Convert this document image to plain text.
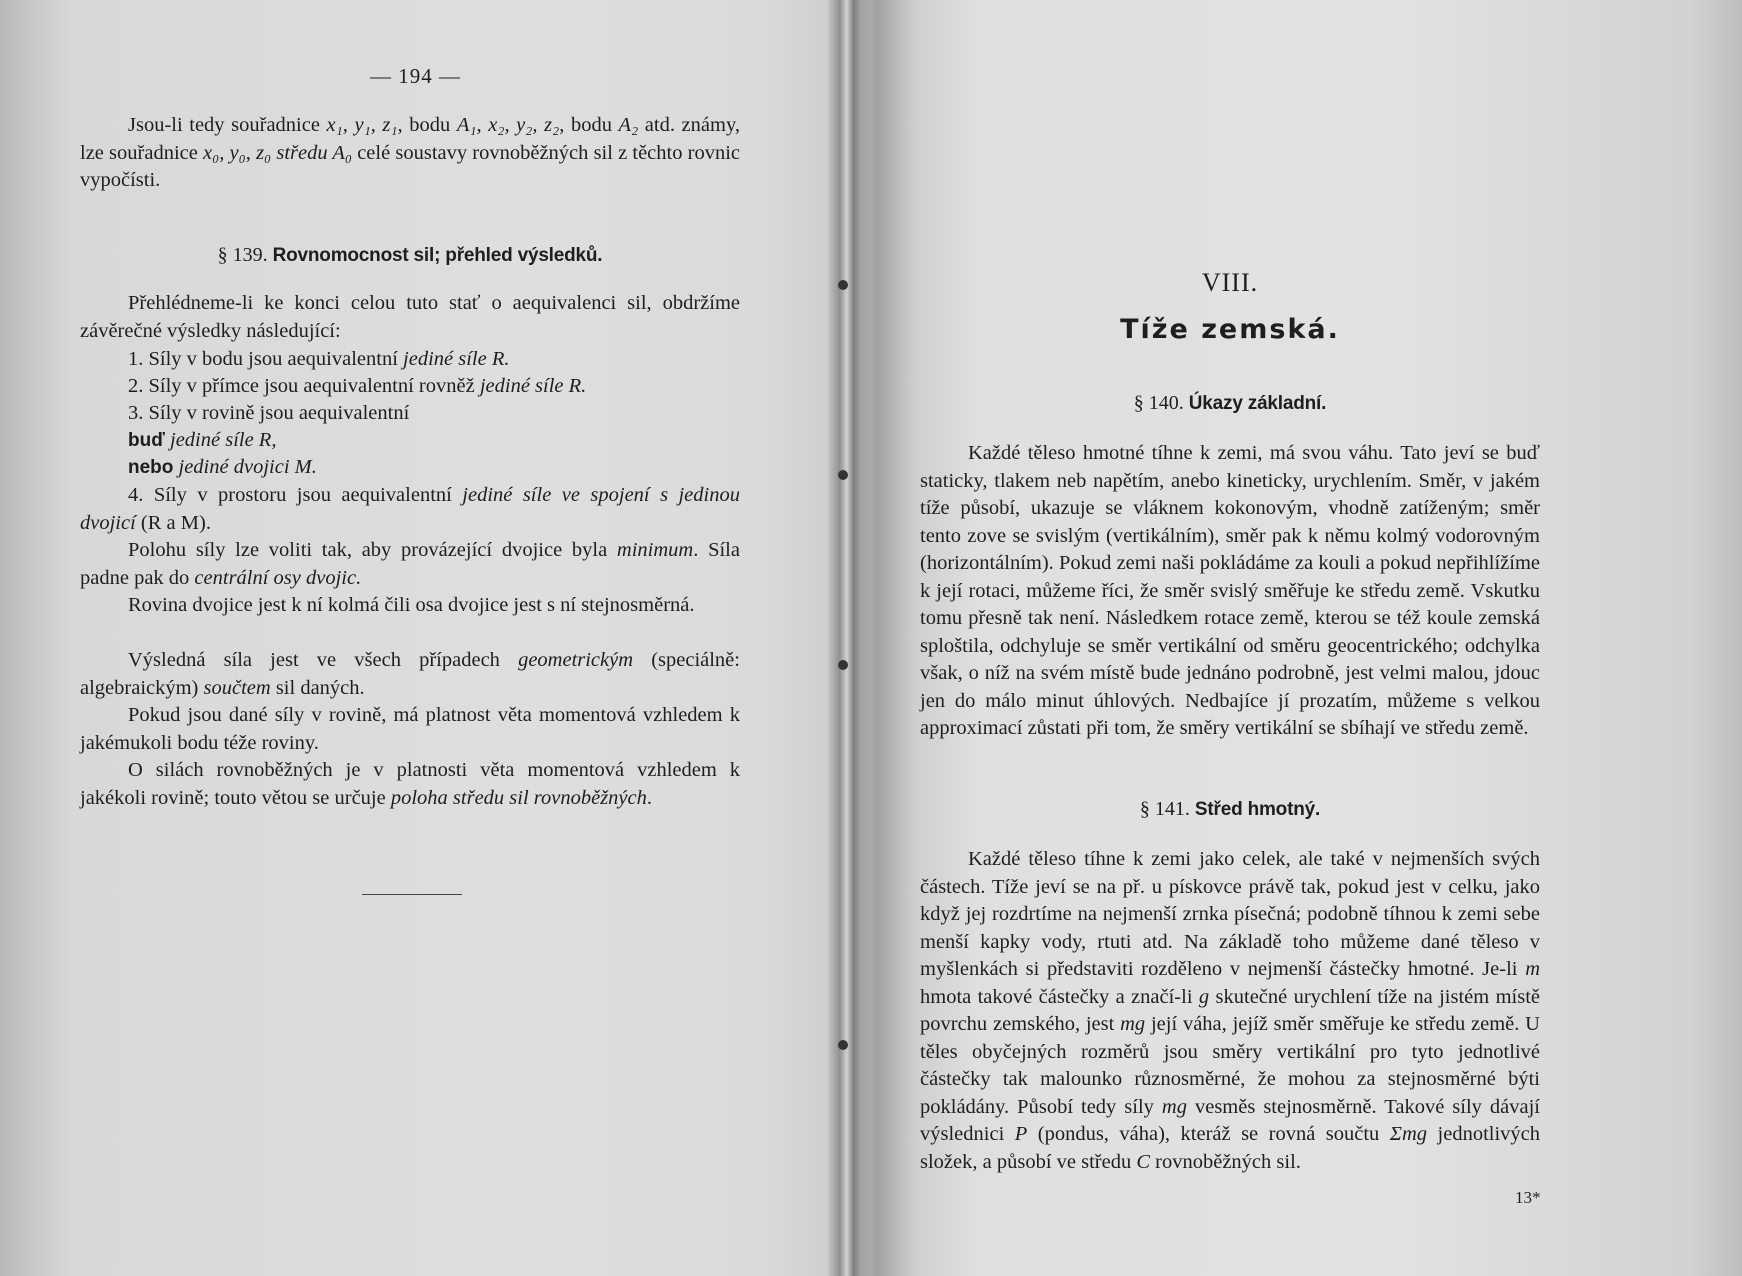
— 194 —
Jsou-li tedy souřadnice x₁, y₁, z₁, bodu A₁, x₂, y₂, z₂, bodu A₂ atd. známy, lze souřadnice x₀, y₀, z₀ středu A₀ celé soustavy rovnoběžných sil z těchto rovnic vypočísti.
§ 139. Rovnomocnost sil; přehled výsledků.
Přehlédneme-li ke konci celou tuto stať o aequivalenci sil, obdržíme závěrečné výsledky následující:
1. Síly v bodu jsou aequivalentní jediné síle R.
2. Síly v přímce jsou aequivalentní rovněž jediné síle R.
3. Síly v rovině jsou aequivalentní
buď jediné síle R,
nebo jediné dvojici M.
4. Síly v prostoru jsou aequivalentní jediné síle ve spojení s jedinou dvojicí (R a M).
Polohu síly lze voliti tak, aby provázející dvojice byla minimum. Síla padne pak do centrální osy dvojic.
Rovina dvojice jest k ní kolmá čili osa dvojice jest s ní stejnosměrná.
Výsledná síla jest ve všech případech geometrickým (speciálně: algebraickým) součtem sil daných.
Pokud jsou dané síly v rovině, má platnost věta momentová vzhledem k jakémukoli bodu téže roviny.
O silách rovnoběžných je v platnosti věta momentová vzhledem k jakékoli rovině; touto větou se určuje poloha středu sil rovnoběžných.
VIII.
Tíže zemská.
§ 140. Úkazy základní.
Každé těleso hmotné tíhne k zemi, má svou váhu. Tato jeví se buď staticky, tlakem neb napětím, anebo kineticky, urychlením. Směr, v jakém tíže působí, ukazuje se vláknem kokonovým, vhodně zatíženým; směr tento zove se svislým (vertikálním), směr pak k němu kolmý vodorovným (horizontálním). Pokud zemi naši pokládáme za kouli a pokud nepřihlížíme k její rotaci, můžeme říci, že směr svislý směřuje ke středu země. Vskutku tomu přesně tak není. Následkem rotace země, kterou se též koule zemská sploštila, odchyluje se směr vertikální od směru geocentrického; odchylka však, o níž na svém místě bude jednáno podrobně, jest velmi malou, jdouc jen do málo minut úhlových. Nedbajíce jí prozatím, můžeme s velkou approximací zůstati při tom, že směry vertikální se sbíhají ve středu země.
§ 141. Střed hmotný.
Každé těleso tíhne k zemi jako celek, ale také v nejmenších svých částech. Tíže jeví se na př. u pískovce právě tak, pokud jest v celku, jako když jej rozdrtíme na nejmenší zrnka písečná; podobně tíhnou k zemi sebe menší kapky vody, rtuti atd. Na základě toho můžeme dané těleso v myšlenkách si představiti rozděleno v nejmenší částečky hmotné. Je-li m hmota takové částečky a značí-li g skutečné urychlení tíže na jistém místě povrchu zemského, jest mg její váha, jejíž směr směřuje ke středu země. U těles obyčejných rozměrů jsou směry vertikální pro tyto jednotlivé částečky tak malounko různosměrné, že mohou za stejnosměrné býti pokládány. Působí tedy síly mg vesměs stejnosměrně. Takové síly dávají výslednici P (pondus, váha), kteráž se rovná součtu Σmg jednotlivých složek, a působí ve středu C rovnoběžných sil.
13*
